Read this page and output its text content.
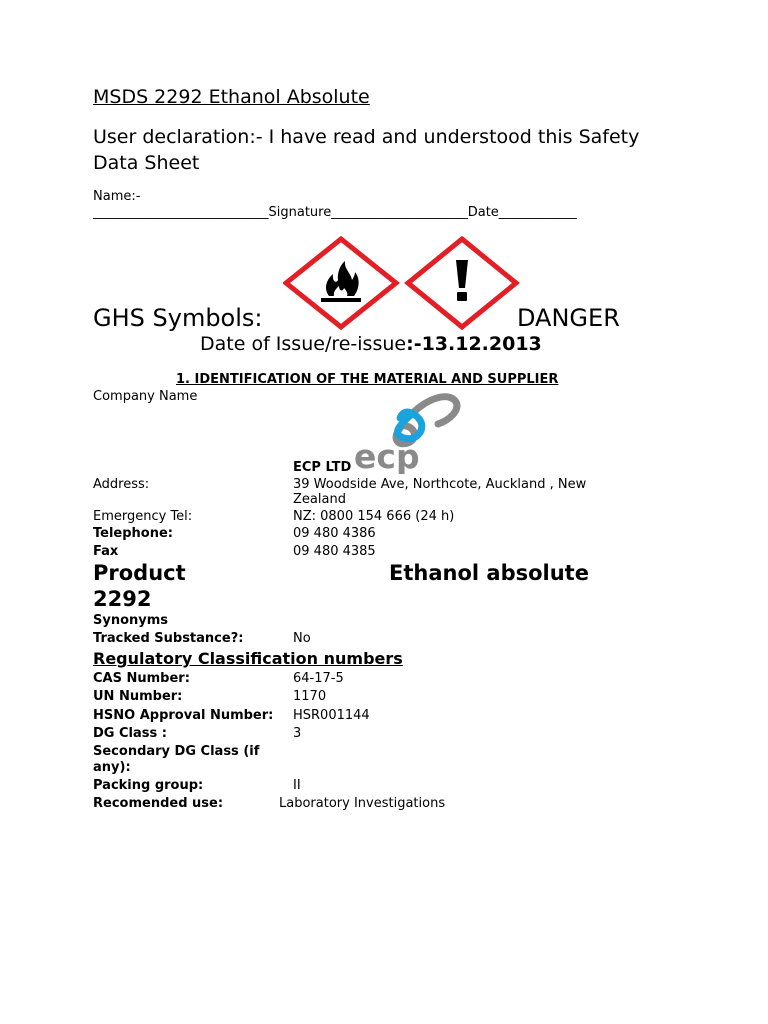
MSDS 2292 Ethanol Absolute
User declaration:- I have read and understood this Safety Data Sheet
Name:-
___________________________Signature_____________________Date____________
GHS Symbols:	DANGER
Date of Issue/re-issue:-13.12.2013
1. IDENTIFICATION OF THE MATERIAL AND SUPPLIER
Company Name
ecp
ECP LTD
Address:	39 Woodside Ave, Northcote, Auckland , New Zealand
Emergency Tel:	NZ: 0800 154 666 (24 h)
Telephone:	09 480 4386
Fax	09 480 4385
Product	Ethanol absolute
2292
Synonyms
Tracked Substance?:	No
Regulatory Classification numbers
CAS Number:	64-17-5
UN Number:	1170
HSNO Approval Number: HSR001144
DG Class :	3
Secondary DG Class (if any):
Packing group:	II
Recomended use:	Laboratory Investigations
